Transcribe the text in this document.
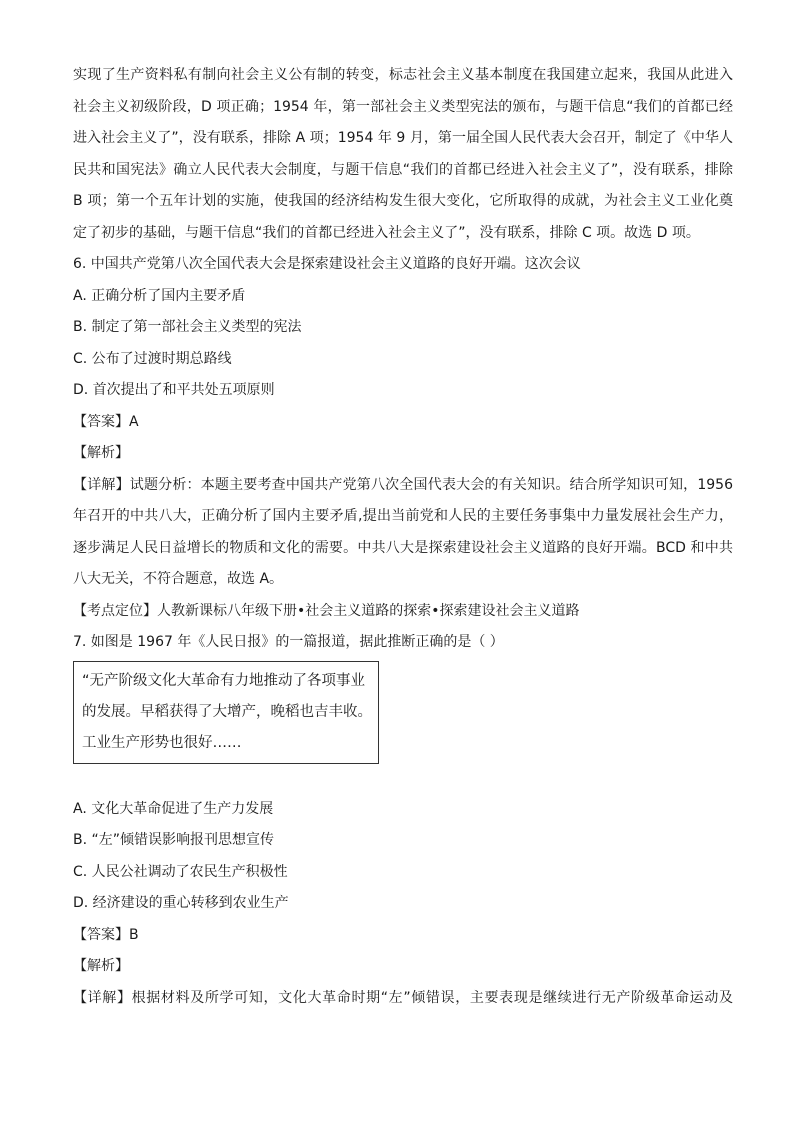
实现了生产资料私有制向社会主义公有制的转变，标志社会主义基本制度在我国建立起来，我国从此进入
社会主义初级阶段，D 项正确；1954 年，第一部社会主义类型宪法的颁布，与题干信息“我们的首都已经
进入社会主义了”，没有联系，排除 A 项；1954 年 9 月，第一届全国人民代表大会召开，制定了《中华人
民共和国宪法》确立人民代表大会制度，与题干信息“我们的首都已经进入社会主义了”，没有联系，排除
B 项；第一个五年计划的实施，使我国的经济结构发生很大变化，它所取得的成就，为社会主义工业化奠
定了初步的基础，与题干信息“我们的首都已经进入社会主义了”，没有联系，排除 C 项。故选 D 项。
6. 中国共产党第八次全国代表大会是探索建设社会主义道路的良好开端。这次会议
A. 正确分析了国内主要矛盾
B. 制定了第一部社会主义类型的宪法
C. 公布了过渡时期总路线
D. 首次提出了和平共处五项原则
【答案】A
【解析】
【详解】试题分析：本题主要考查中国共产党第八次全国代表大会的有关知识。结合所学知识可知，1956
年召开的中共八大，正确分析了国内主要矛盾,提出当前党和人民的主要任务事集中力量发展社会生产力，
逐步满足人民日益增长的物质和文化的需要。中共八大是探索建设社会主义道路的良好开端。BCD 和中共
八大无关，不符合题意，故选 A。
【考点定位】人教新课标八年级下册•社会主义道路的探索•探索建设社会主义道路
7. 如图是 1967 年《人民日报》的一篇报道，据此推断正确的是（ ）
“无产阶级文化大革命有力地推动了各项事业
的发展。早稻获得了大增产，晚稻也吉丰收。
工业生产形势也很好……
A. 文化大革命促进了生产力发展
B. “左”倾错误影响报刊思想宣传
C. 人民公社调动了农民生产积极性
D. 经济建设的重心转移到农业生产
【答案】B
【解析】
【详解】根据材料及所学可知，文化大革命时期“左”倾错误，主要表现是继续进行无产阶级革命运动及
